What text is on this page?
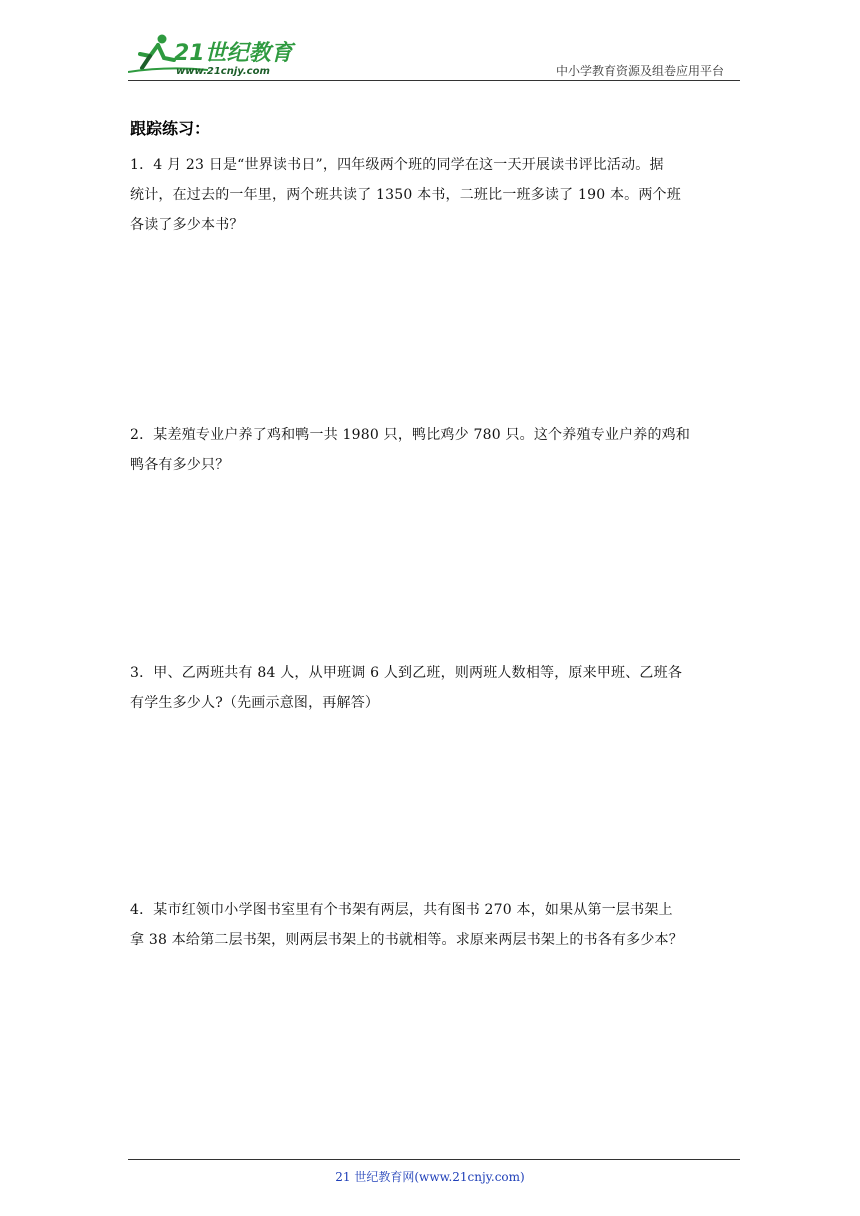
21世纪教育
www.21cnjy.com	中小学教育资源及组卷应用平台
跟踪练习：
1．4 月 23 日是“世界读书日”，四年级两个班的同学在这一天开展读书评比活动。据
统计，在过去的一年里，两个班共读了 1350 本书，二班比一班多读了 190 本。两个班
各读了多少本书？
2．某差殖专业户养了鸡和鸭一共 1980 只，鸭比鸡少 780 只。这个养殖专业户养的鸡和
鸭各有多少只？
3．甲、乙两班共有 84 人，从甲班调 6 人到乙班，则两班人数相等，原来甲班、乙班各
有学生多少人?（先画示意图，再解答）
4．某市红领巾小学图书室里有个书架有两层，共有图书 270 本，如果从第一层书架上
拿 38 本给第二层书架，则两层书架上的书就相等。求原来两层书架上的书各有多少本？
21 世纪教育网(www.21cnjy.com)
